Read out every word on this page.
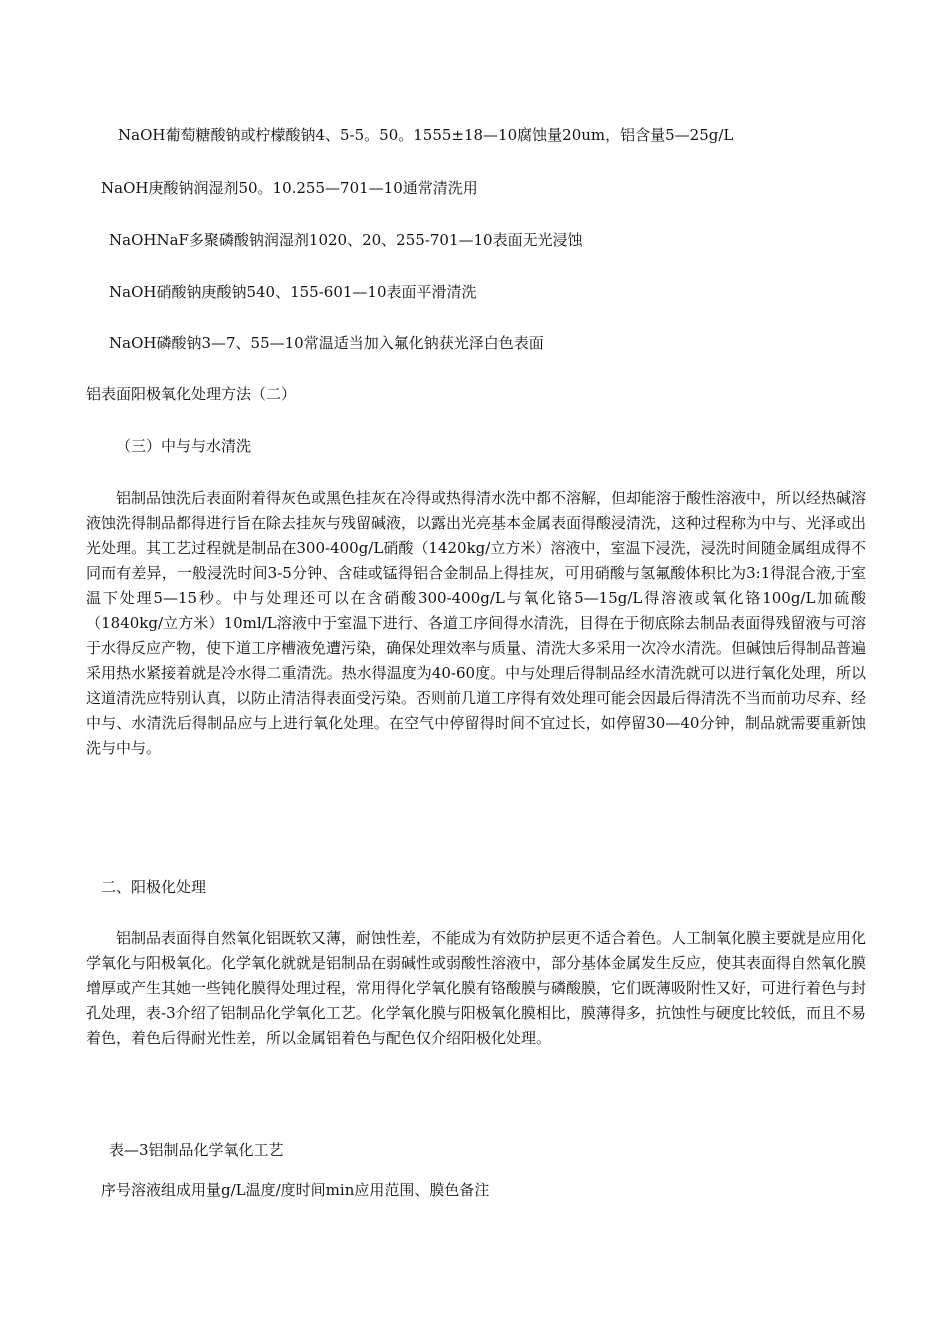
NaOH葡萄糖酸钠或柠檬酸钠4、5-5。50。1555±18—10腐蚀量20um，铝含量5—25g/L
NaOH庚酸钠润湿剂50。10.255—701—10通常清洗用
NaOHNaF多聚磷酸钠润湿剂1020、20、255-701—10表面无光浸蚀
NaOH硝酸钠庚酸钠540、155-601—10表面平滑清洗
NaOH磷酸钠3—7、55—10常温适当加入氟化钠获光泽白色表面
铝表面阳极氧化处理方法（二）
（三）中与与水清洗
铝制品蚀洗后表面附着得灰色或黑色挂灰在冷得或热得清水洗中都不溶解，但却能溶于酸性溶液中，所以经热碱溶液蚀洗得制品都得进行旨在除去挂灰与残留碱液，以露出光亮基本金属表面得酸浸清洗，这种过程称为中与、光泽或出光处理。其工艺过程就是制品在300-400g/L硝酸（1420kg/立方米）溶液中，室温下浸洗，浸洗时间随金属组成得不同而有差异，一般浸洗时间3-5分钟、含硅或锰得铝合金制品上得挂灰，可用硝酸与氢氟酸体积比为3:1得混合液,于室温下处理5—15秒。中与处理还可以在含硝酸300-400g/L与氧化铬5—15g/L得溶液或氧化铬100g/L加硫酸（1840kg/立方米）10ml/L溶液中于室温下进行、各道工序间得水清洗，目得在于彻底除去制品表面得残留液与可溶于水得反应产物，使下道工序槽液免遭污染，确保处理效率与质量、清洗大多采用一次冷水清洗。但碱蚀后得制品普遍采用热水紧接着就是冷水得二重清洗。热水得温度为40-60度。中与处理后得制品经水清洗就可以进行氧化处理，所以这道清洗应特别认真，以防止清洁得表面受污染。否则前几道工序得有效处理可能会因最后得清洗不当而前功尽弃、经中与、水清洗后得制品应与上进行氧化处理。在空气中停留得时间不宜过长，如停留30—40分钟，制品就需要重新蚀洗与中与。
二、阳极化处理
铝制品表面得自然氧化铝既软又薄，耐蚀性差，不能成为有效防护层更不适合着色。人工制氧化膜主要就是应用化学氧化与阳极氧化。化学氧化就就是铝制品在弱碱性或弱酸性溶液中，部分基体金属发生反应，使其表面得自然氧化膜增厚或产生其她一些钝化膜得处理过程，常用得化学氧化膜有铬酸膜与磷酸膜，它们既薄吸附性又好，可进行着色与封孔处理，表-3介绍了铝制品化学氧化工艺。化学氧化膜与阳极氧化膜相比，膜薄得多，抗蚀性与硬度比较低，而且不易着色，着色后得耐光性差，所以金属铝着色与配色仅介绍阳极化处理。
表—3铝制品化学氧化工艺
序号溶液组成用量g/L温度/度时间min应用范围、膜色备注
